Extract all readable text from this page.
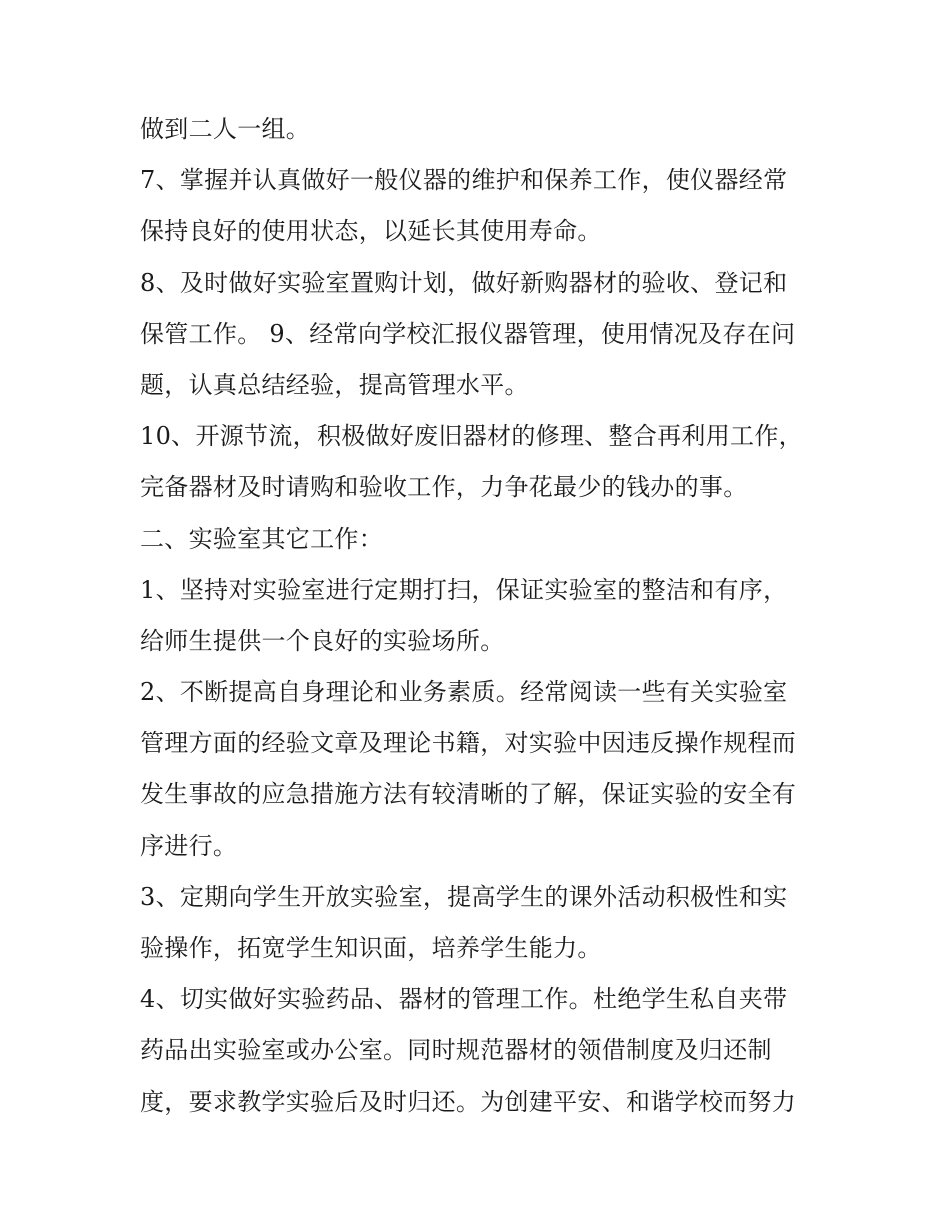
做到二人一组。
7、掌握并认真做好一般仪器的维护和保养工作，使仪器经常
保持良好的使用状态，以延长其使用寿命。
8、及时做好实验室置购计划，做好新购器材的验收、登记和
保管工作。 9、经常向学校汇报仪器管理，使用情况及存在问
题，认真总结经验，提高管理水平。
10、开源节流，积极做好废旧器材的修理、整合再利用工作，
完备器材及时请购和验收工作，力争花最少的钱办的事。
二、实验室其它工作：
1、坚持对实验室进行定期打扫，保证实验室的整洁和有序，
给师生提供一个良好的实验场所。
2、不断提高自身理论和业务素质。经常阅读一些有关实验室
管理方面的经验文章及理论书籍，对实验中因违反操作规程而
发生事故的应急措施方法有较清晰的了解，保证实验的安全有
序进行。
3、定期向学生开放实验室，提高学生的课外活动积极性和实
验操作，拓宽学生知识面，培养学生能力。
4、切实做好实验药品、器材的管理工作。杜绝学生私自夹带
药品出实验室或办公室。同时规范器材的领借制度及归还制
度，要求教学实验后及时归还。为创建平安、和谐学校而努力
